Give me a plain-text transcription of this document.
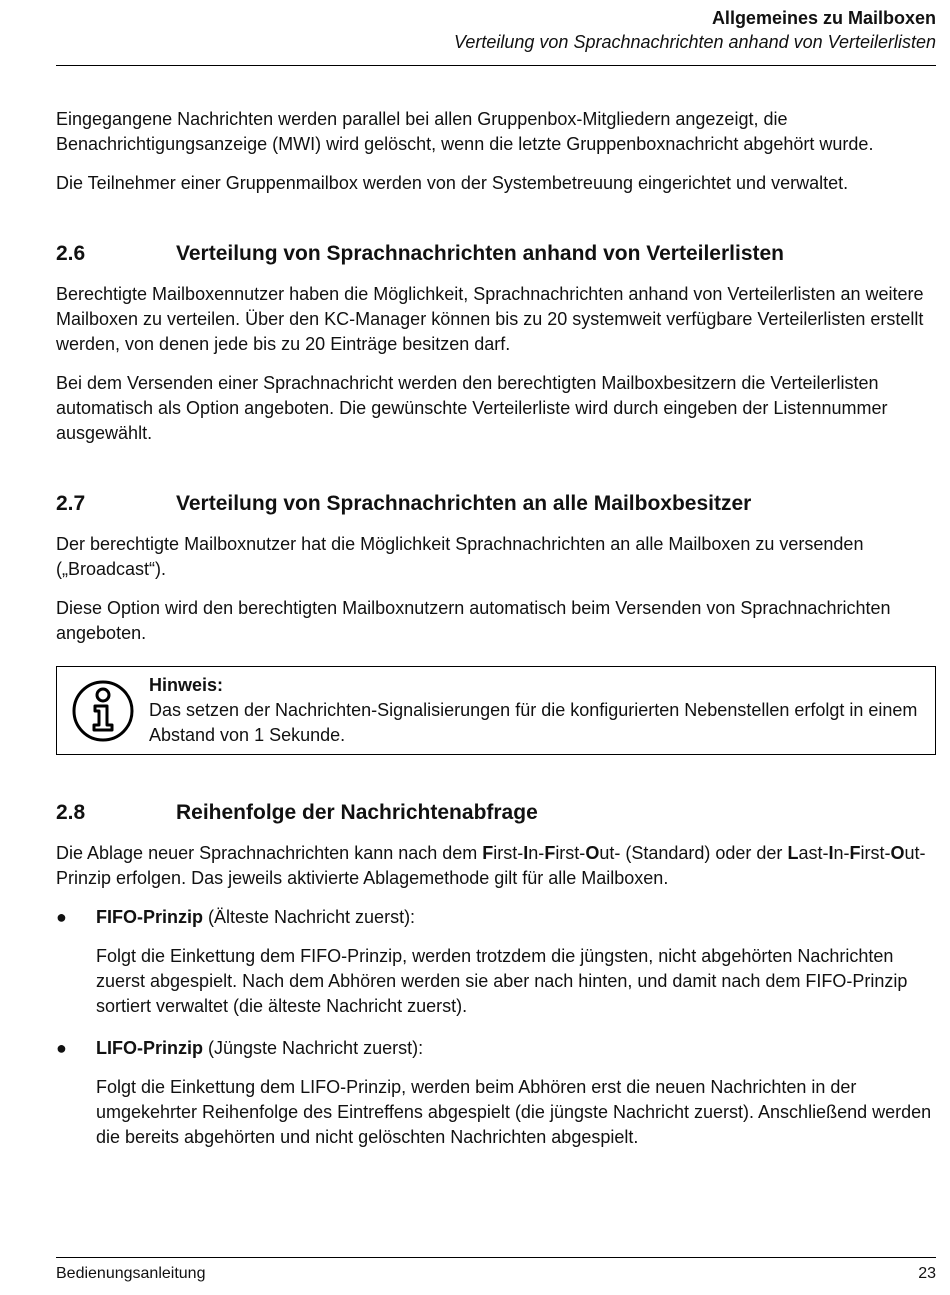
Allgemeines zu Mailboxen
Verteilung von Sprachnachrichten anhand von Verteilerlisten

Eingegangene Nachrichten werden parallel bei allen Gruppenbox-Mitgliedern angezeigt, die Benachrichtigungsanzeige (MWI) wird gelöscht, wenn die letzte Gruppenboxnachricht abgehört wurde.

Die Teilnehmer einer Gruppenmailbox werden von der Systembetreuung eingerichtet und verwaltet.

2.6	Verteilung von Sprachnachrichten anhand von Verteilerlisten

Berechtigte Mailboxennutzer haben die Möglichkeit, Sprachnachrichten anhand von Verteilerlisten an weitere Mailboxen zu verteilen. Über den KC-Manager können bis zu 20 systemweit verfügbare Verteilerlisten erstellt werden, von denen jede bis zu 20 Einträge besitzen darf.

Bei dem Versenden einer Sprachnachricht werden den berechtigten Mailboxbesitzern die Verteilerlisten automatisch als Option angeboten. Die gewünschte Verteilerliste wird durch eingeben der Listennummer ausgewählt.

2.7	Verteilung von Sprachnachrichten an alle Mailboxbesitzer

Der berechtigte Mailboxnutzer hat die Möglichkeit Sprachnachrichten an alle Mailboxen zu versenden („Broadcast“).

Diese Option wird den berechtigten Mailboxnutzern automatisch beim Versenden von Sprachnachrichten angeboten.

Hinweis:

Das setzen der Nachrichten-Signalisierungen für die konfigurierten Nebenstellen erfolgt in einem Abstand von 1 Sekunde.

2.8	Reihenfolge der Nachrichtenabfrage

Die Ablage neuer Sprachnachrichten kann nach dem First-In-First-Out- (Standard) oder der Last-In-First-Out-Prinzip erfolgen. Das jeweils aktivierte Ablagemethode gilt für alle Mailboxen.

●	FIFO-Prinzip (Älteste Nachricht zuerst):

Folgt die Einkettung dem FIFO-Prinzip, werden trotzdem die jüngsten, nicht abgehörten Nachrichten zuerst abgespielt. Nach dem Abhören werden sie aber nach hinten, und damit nach dem FIFO-Prinzip sortiert verwaltet (die älteste Nachricht zuerst).

●	LIFO-Prinzip (Jüngste Nachricht zuerst):

Folgt die Einkettung dem LIFO-Prinzip, werden beim Abhören erst die neuen Nachrichten in der umgekehrter Reihenfolge des Eintreffens abgespielt (die jüngste Nachricht zuerst). Anschließend werden die bereits abgehörten und nicht gelöschten Nachrichten abgespielt.

Bedienungsanleitung	23
